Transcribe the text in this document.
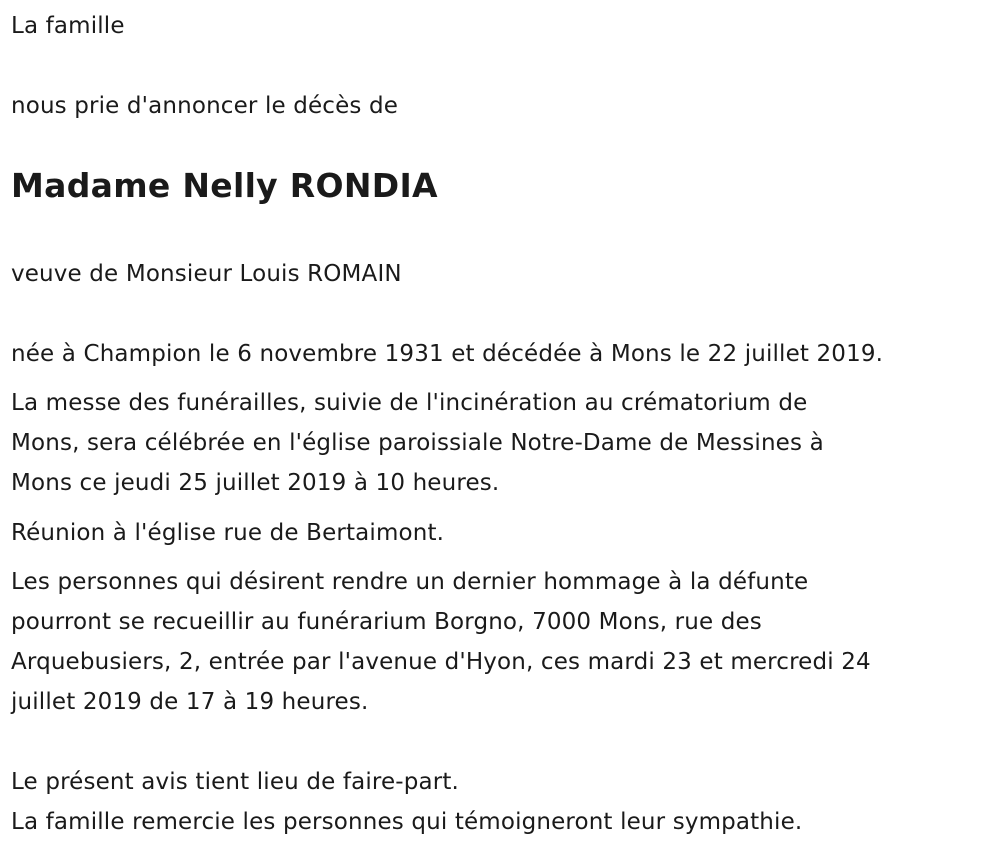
La famille
nous prie d'annoncer le décès de
Madame Nelly RONDIA
veuve de Monsieur Louis ROMAIN
née à Champion le 6 novembre 1931 et décédée à Mons le 22 juillet 2019.
La messe des funérailles, suivie de l'incinération au crématorium de
Mons, sera célébrée en l'église paroissiale Notre-Dame de Messines à
Mons ce jeudi 25 juillet 2019 à 10 heures.
Réunion à l'église rue de Bertaimont.
Les personnes qui désirent rendre un dernier hommage à la défunte
pourront se recueillir au funérarium Borgno, 7000 Mons, rue des
Arquebusiers, 2, entrée par l'avenue d'Hyon, ces mardi 23 et mercredi 24
juillet 2019 de 17 à 19 heures.
Le présent avis tient lieu de faire-part.
La famille remercie les personnes qui témoigneront leur sympathie.
